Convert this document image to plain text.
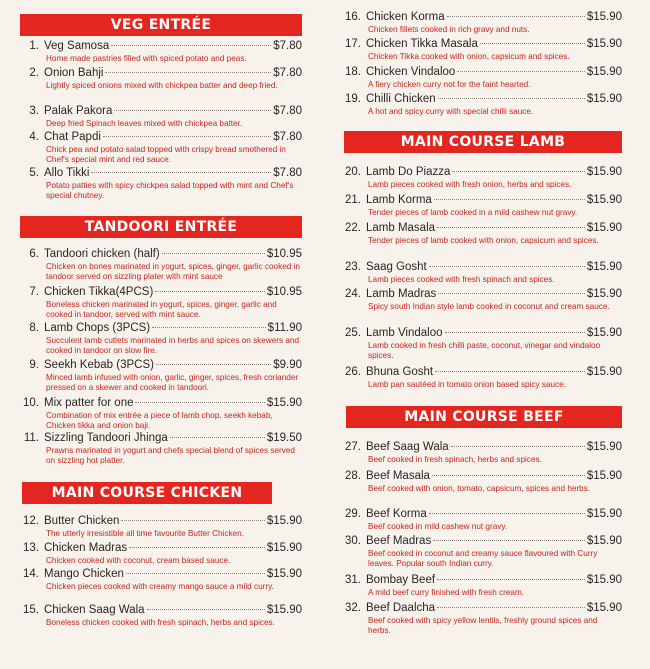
VEG ENTRÉE
1. Veg Samosa	$7.80
Home made pastries filled with spiced potato and peas.
2. Onion Bahji	$7.80
Lightly spiced onions mixed with chickpea batter and deep fried.
3. Palak Pakora	$7.80
Deep fried Spinach leaves mixed with chickpea batter.
4. Chat Papdi	$7.80
Chick pea and potato salad topped with crispy bread smothered in Chef's special mint and red sauce.
5. Allo Tikki	$7.80
Potato patties with spicy chickpea salad topped with mint and Chef's special chutney.
TANDOORI ENTRÉE
6. Tandoori chicken (half)	$10.95
Chicken on bones marinated in yogurt, spices, ginger, garlic cooked in tandoor served on sizzling plater with mint sauce
7. Chicken Tikka(4PCS)	$10.95
Boneless chicken marinated in yogurt, spices, ginger, garlic and cooked in tandoor, served with mint sauce.
8. Lamb Chops (3PCS)	$11.90
Succulent lamb cutlets marinated in herbs and spices on skewers and cooked in tandoor on slow fire.
9. Seekh Kebab (3PCS)	$9.90
Minced lamb infused with onion, garlic, ginger, spices, fresh coriander pressed on a skewer and cooked in tandoori.
10. Mix patter for one	$15.90
Combination of mix entrée a piece of lamb chop, seekh kebab, Chicken tikka and onion baji.
11. Sizzling Tandoori Jhinga	$19.50
Prawns marinated in yogurt and chefs special blend of spices served on sizzling hot platter.
MAIN COURSE CHICKEN
12. Butter Chicken	$15.90
The utterly irresistible all time favourite Butter Chicken.
13. Chicken Madras	$15.90
Chicken cooked with coconut, cream based sauce.
14. Mango Chicken	$15.90
Chicken pieces cooked with creamy mango sauce a mild curry.
15. Chicken Saag Wala	$15.90
Boneless chicken cooked with fresh spinach, herbs and spices.
16. Chicken Korma	$15.90
Chicken fillets cooked in rich gravy and nuts.
17. Chicken Tikka Masala	$15.90
Chicken Tikka cooked with onion, capsicum and spices.
18. Chicken Vindaloo	$15.90
A fiery chicken curry not for the faint hearted.
19. Chilli Chicken	$15.90
A hot and spicy curry with special chilli sauce.
MAIN COURSE LAMB
20. Lamb Do Piazza	$15.90
Lamb pieces cooked with fresh onion, herbs and spices.
21. Lamb Korma	$15.90
Tender pieces of lamb cooked in a mild cashew nut gravy.
22. Lamb Masala	$15.90
Tender pieces of lamb cooked with onion, capsicum and spices.
23. Saag Gosht	$15.90
Lamb pieces cooked with fresh spinach and spices.
24. Lamb Madras	$15.90
Spicy south Indian style lamb cooked in coconut and cream sauce.
25. Lamb Vindaloo	$15.90
Lamb cooked in fresh chilli paste, coconut, vinegar and vindaloo spices.
26. Bhuna Gosht	$15.90
Lamb pan sautéed in tomato onion based spicy sauce.
MAIN COURSE BEEF
27. Beef Saag Wala	$15.90
Beef cooked in fresh spinach, herbs and spices.
28. Beef Masala	$15.90
Beef cooked with onion, tomato, capsicum, spices and herbs.
29. Beef Korma	$15.90
Beef cooked in mild cashew nut gravy.
30. Beef Madras	$15.90
Beef cooked in coconut and creamy sauce flavoured with Curry leaves. Popular south Indian curry.
31. Bombay Beef	$15.90
A mild beef curry finished with fresh cream.
32. Beef Daalcha	$15.90
Beef cooked with spicy yellow lentils, freshly ground spices and herbs.
